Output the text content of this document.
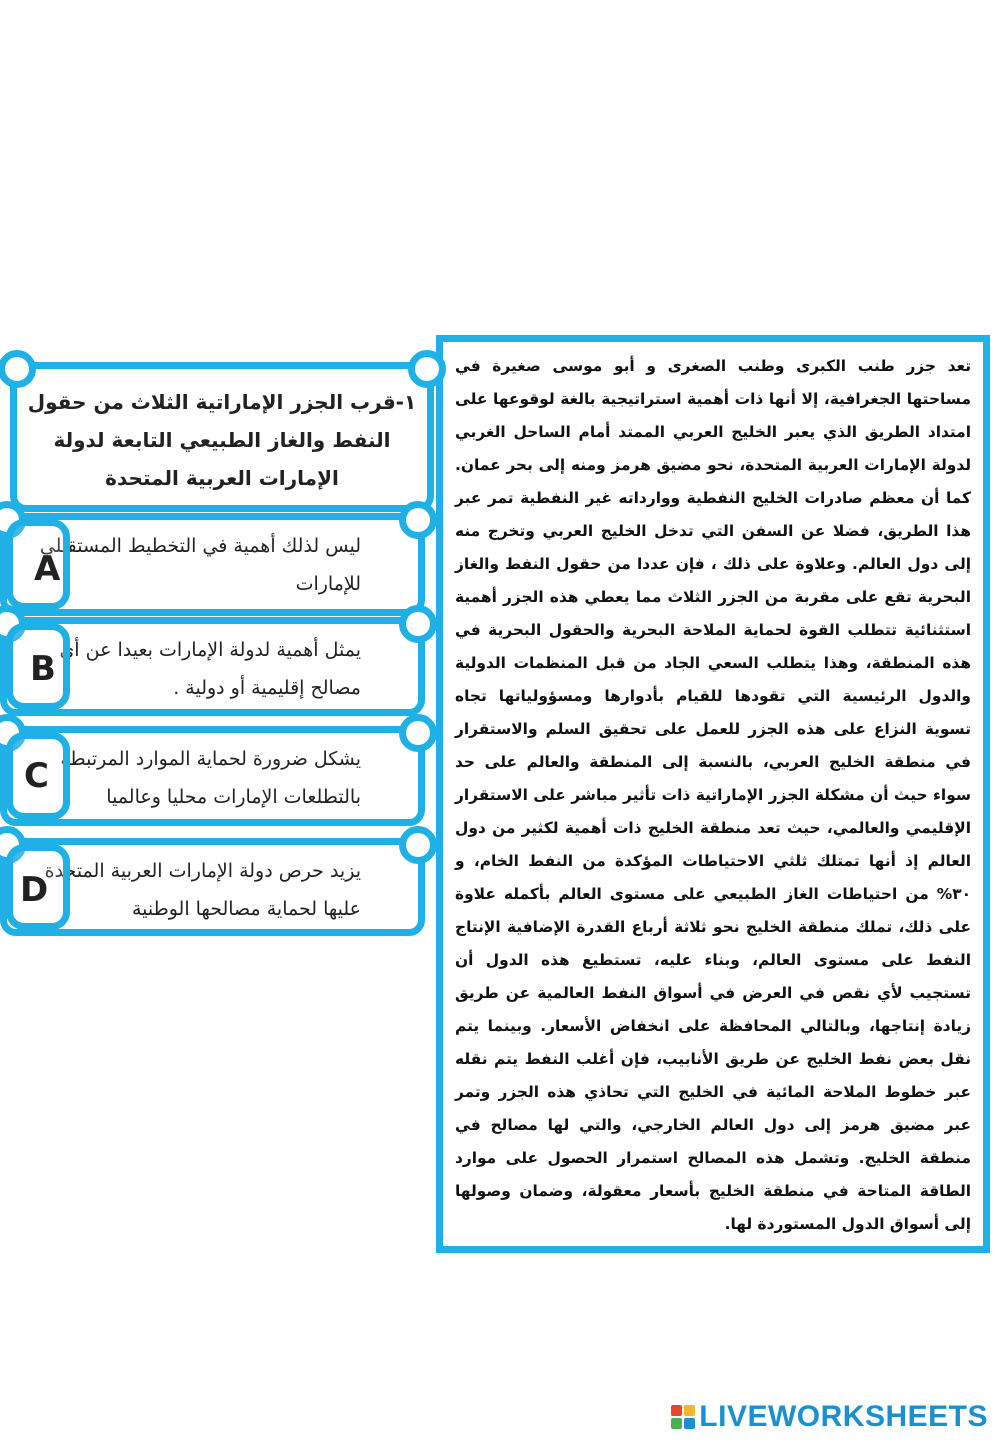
تعد جزر طنب الكبرى وطنب الصغرى و أبو موسى صغيرة في مساحتها الجغرافية، إلا أنها ذات أهمية استراتيجية بالغة لوقوعها على امتداد الطريق الذي يعبر الخليج العربي الممتد أمام الساحل الغربي لدولة الإمارات العربية المتحدة، نحو مضيق هرمز ومنه إلى بحر عمان. كما أن معظم صادرات الخليج النفطية ووارداته غير النفطية تمر عبر هذا الطريق، فضلا عن السفن التي تدخل الخليج العربي وتخرج منه إلى دول العالم. وعلاوة على ذلك ، فإن عددا من حقول النفط والغاز البحرية تقع على مقربة من الجزر الثلاث مما يعطي هذه الجزر أهمية استثنائية تتطلب القوة لحماية الملاحة البحرية والحقول البحرية في هذه المنطقة، وهذا يتطلب السعي الجاد من قبل المنظمات الدولية والدول الرئيسية التي تقودها للقيام بأدوارها ومسؤولياتها تجاه تسوية النزاع على هذه الجزر للعمل على تحقيق السلم والاستقرار في منطقة الخليج العربي، بالنسبة إلى المنطقة والعالم على حد سواء حيث أن مشكلة الجزر الإماراتية ذات تأثير مباشر على الاستقرار الإقليمي والعالمي، حيث تعد منطقة الخليج ذات أهمية لكثير من دول العالم إذ أنها تمتلك ثلثي الاحتياطات المؤكدة من النفط الخام، و ٣٠% من احتياطات الغاز الطبيعي على مستوى العالم بأكمله علاوة على ذلك، تملك منطقة الخليج نحو ثلاثة أرباع القدرة الإضافية الإنتاج النفط على مستوى العالم، وبناء عليه، تستطيع هذه الدول أن تستجيب لأي نقص في العرض في أسواق النفط العالمية عن طريق زيادة إنتاجها، وبالتالي المحافظة على انخفاض الأسعار. وبينما يتم نقل بعض نفط الخليج عن طريق الأنابيب، فإن أغلب النفط يتم نقله عبر خطوط الملاحة المائية في الخليج التي تحاذي هذه الجزر وتمر عبر مضيق هرمز إلى دول العالم الخارجي، والتي لها مصالح في منطقة الخليج. وتشمل هذه المصالح استمرار الحصول على موارد الطاقة المتاحة في منطقة الخليج بأسعار معقولة، وضمان وصولها إلى أسواق الدول المستوردة لها.
١-قرب الجزر الإماراتية الثلاث من حقول النفط والغاز الطبيعي التابعة لدولة الإمارات العربية المتحدة
ليس لذلك أهمية في التخطيط المستقبلي للإمارات
A
يمثل أهمية لدولة الإمارات بعيدا عن أي مصالح إقليمية أو دولية .
B
يشكل ضرورة لحماية الموارد المرتبطة بالتطلعات الإمارات محليا وعالميا
C
يزيد حرص دولة الإمارات العربية المتحدة عليها لحماية مصالحها الوطنية
D
LIVEWORKSHEETS
